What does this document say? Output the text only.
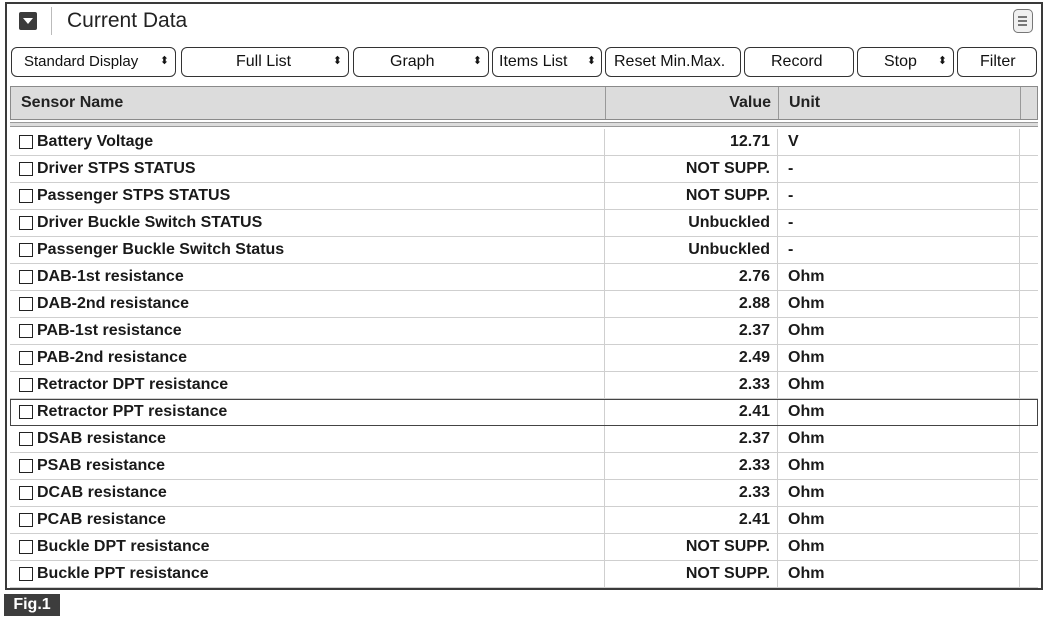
Current Data
Standard Display ⬍	Full List	⬍	Graph	⬍ Items List ⬍ Reset Min.Max.	Record	Stop ⬍ Filter
Sensor Name	Value Unit
Battery Voltage	12.71 V
Driver STPS STATUS	NOT SUPP. -
Passenger STPS STATUS	NOT SUPP. -
Driver Buckle Switch STATUS	Unbuckled -
Passenger Buckle Switch Status	Unbuckled -
DAB-1st resistance	2.76 Ohm
DAB-2nd resistance	2.88 Ohm
PAB-1st resistance	2.37 Ohm
PAB-2nd resistance	2.49 Ohm
Retractor DPT resistance	2.33 Ohm
Retractor PPT resistance	2.41 Ohm
DSAB resistance	2.37 Ohm
PSAB resistance	2.33 Ohm
DCAB resistance	2.33 Ohm
PCAB resistance	2.41 Ohm
Buckle DPT resistance	NOT SUPP. Ohm
Buckle PPT resistance	NOT SUPP. Ohm
Fig.1
